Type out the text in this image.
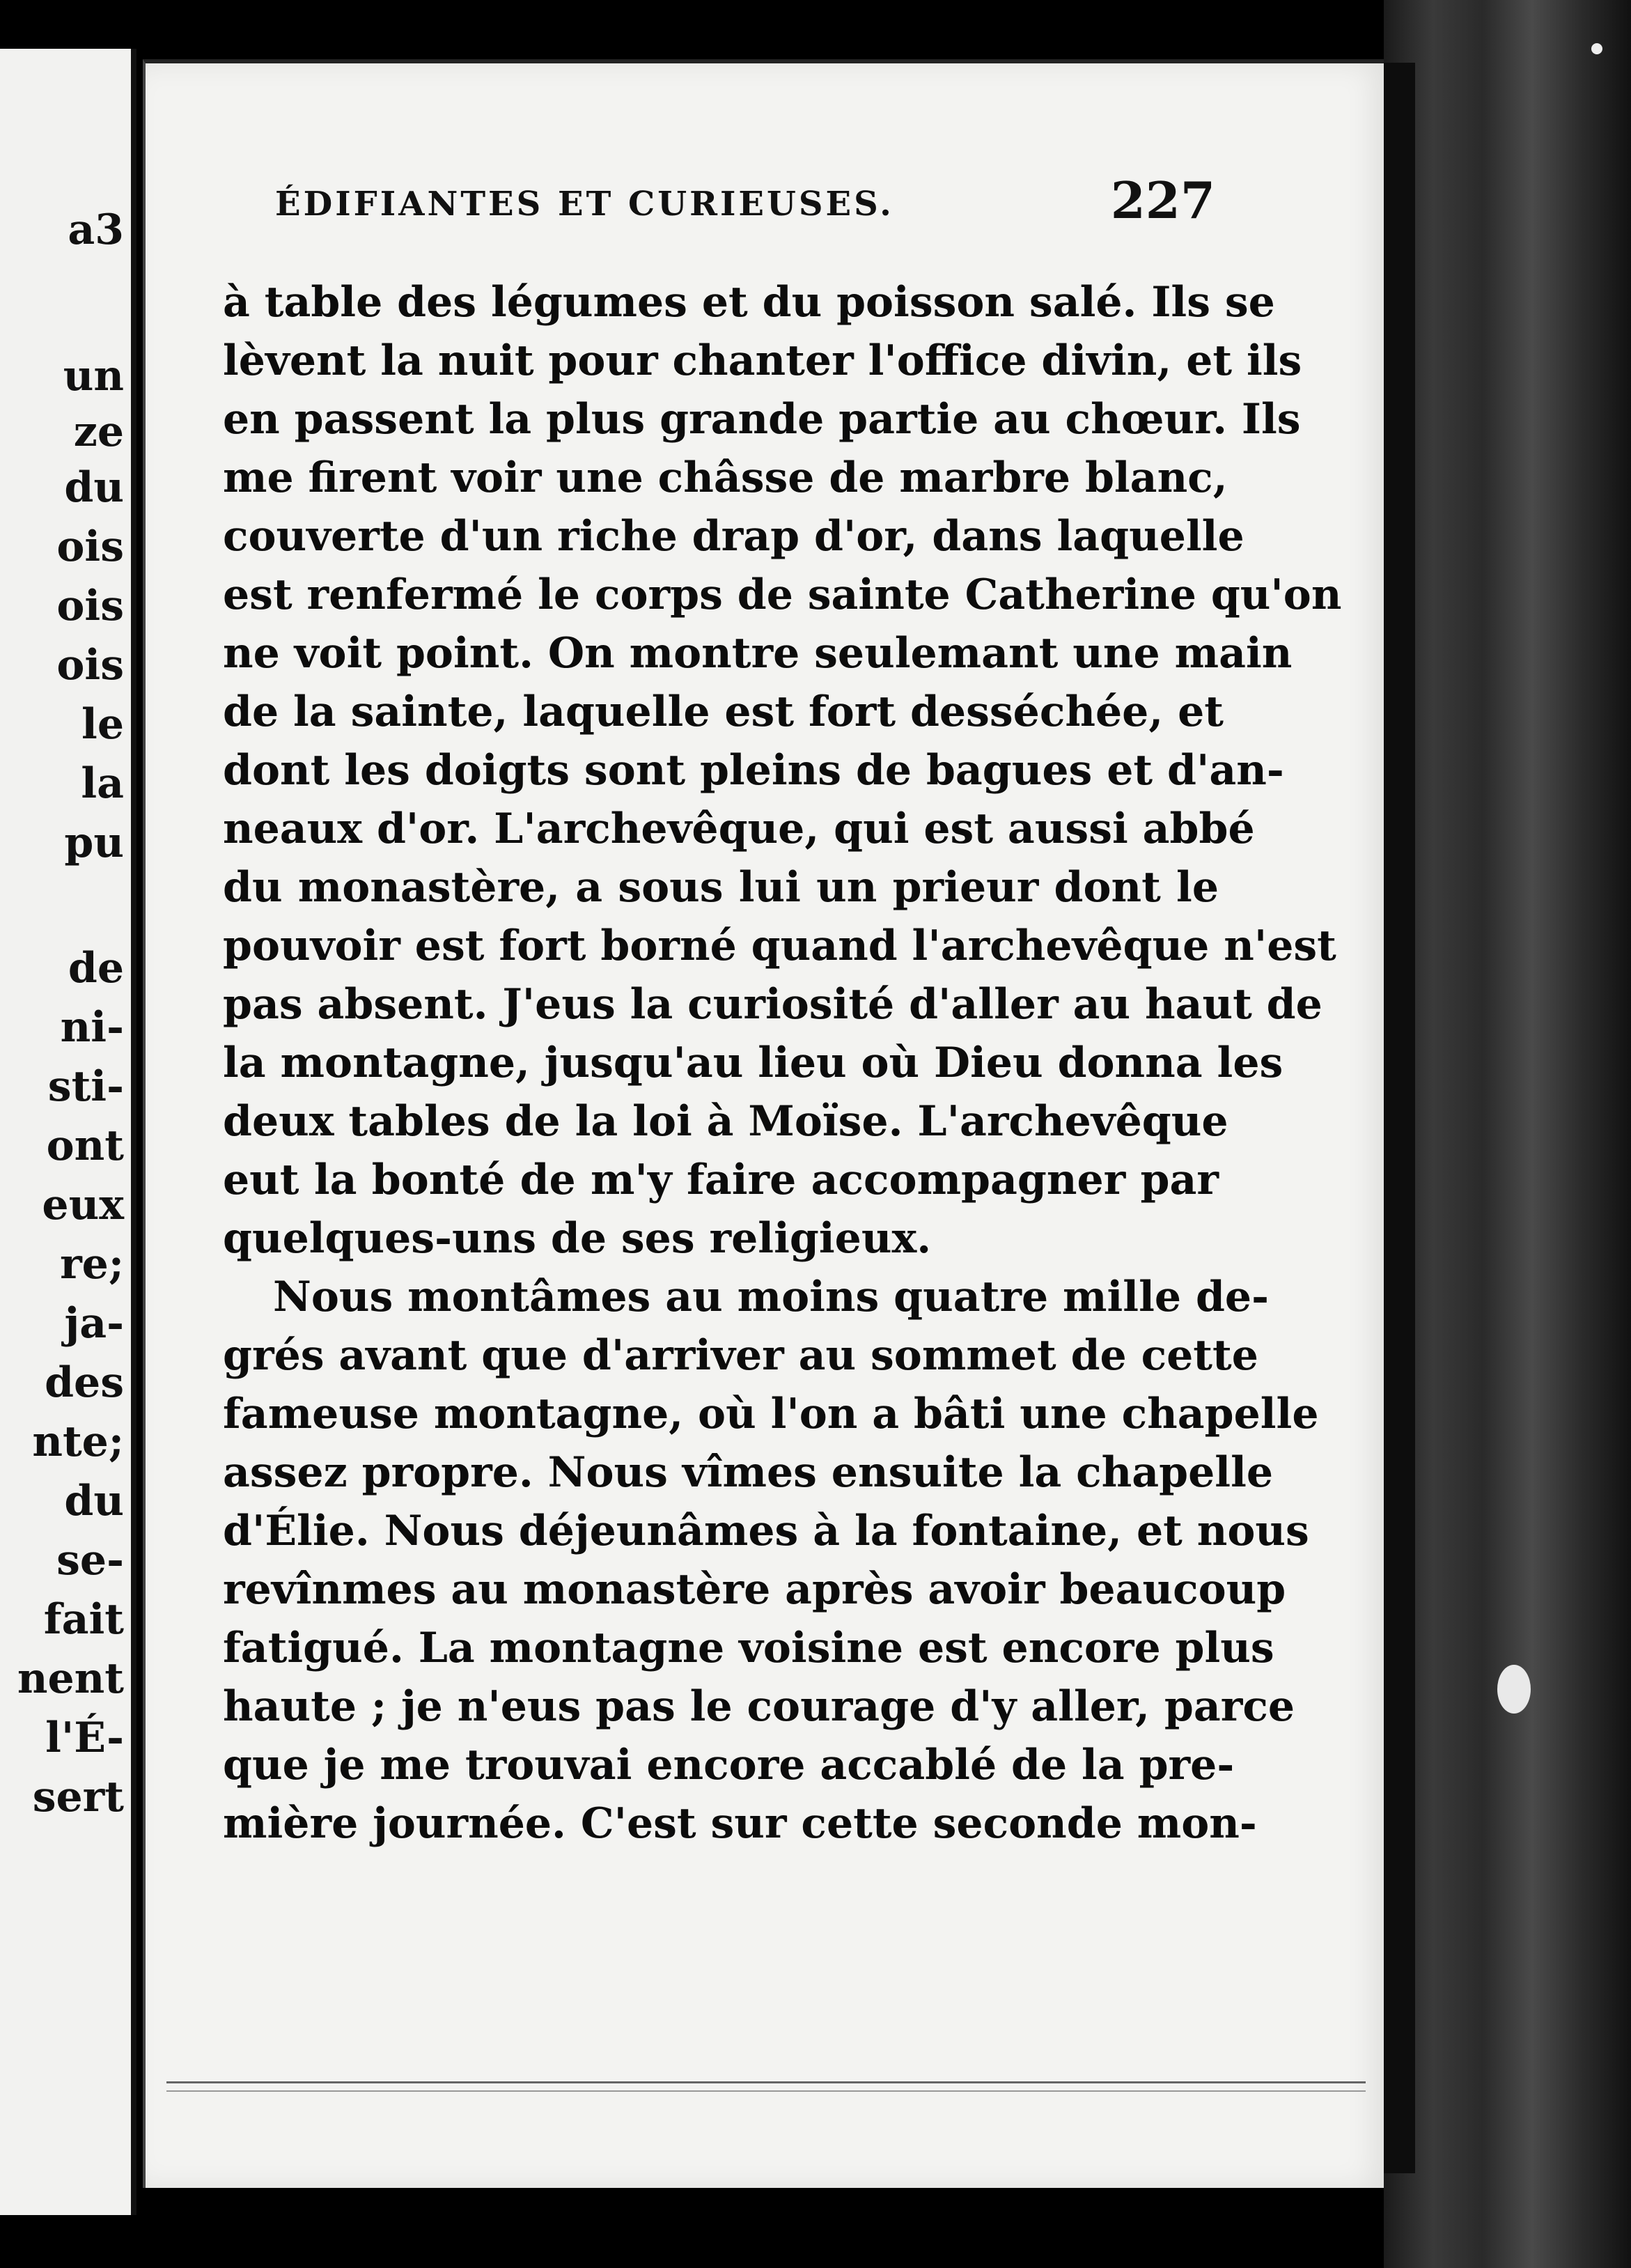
a3
un
ze
du
ois
ois
ois
le
la
pu
de
ni-
sti-
ont
eux
re;
ja-
des
nte;
du
se-
fait
nent
l'É-
sert
ÉDIFIANTES ET CURIEUSES.	227
à table des légumes et du poisson salé. Ils se
lèvent la nuit pour chanter l'office divin, et ils
en passent la plus grande partie au chœur. Ils
me firent voir une châsse de marbre blanc,
couverte d'un riche drap d'or, dans laquelle
est renfermé le corps de sainte Catherine qu'on
ne voit point. On montre seulemant une main
de la sainte, laquelle est fort desséchée, et
dont les doigts sont pleins de bagues et d'an-
neaux d'or. L'archevêque, qui est aussi abbé
du monastère, a sous lui un prieur dont le
pouvoir est fort borné quand l'archevêque n'est
pas absent. J'eus la curiosité d'aller au haut de
la montagne, jusqu'au lieu où Dieu donna les
deux tables de la loi à Moïse. L'archevêque
eut la bonté de m'y faire accompagner par
quelques-uns de ses religieux.
Nous montâmes au moins quatre mille de-
grés avant que d'arriver au sommet de cette
fameuse montagne, où l'on a bâti une chapelle
assez propre. Nous vîmes ensuite la chapelle
d'Élie. Nous déjeunâmes à la fontaine, et nous
revînmes au monastère après avoir beaucoup
fatigué. La montagne voisine est encore plus
haute ; je n'eus pas le courage d'y aller, parce
que je me trouvai encore accablé de la pre-
mière journée. C'est sur cette seconde mon-
